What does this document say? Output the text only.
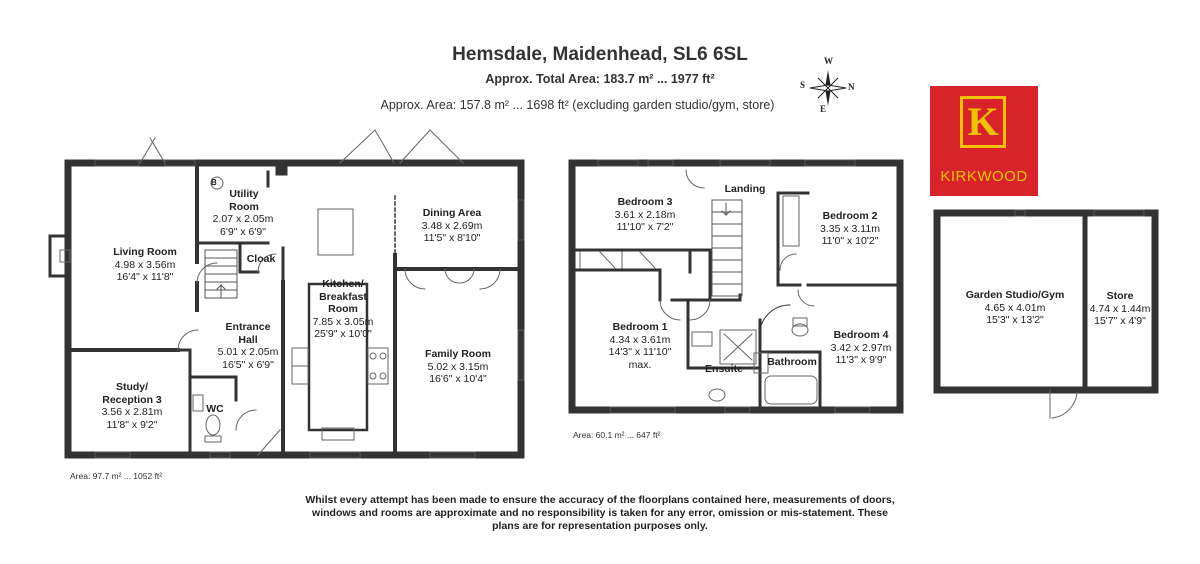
Hemsdale, Maidenhead, SL6 6SL
Approx. Total Area: 183.7 m² ... 1977 ft²
Approx. Area: 157.8 m² ... 1698 ft² (excluding garden studio/gym, store)
W
N
S
E	K
KIRKWOOD
B
Living Room
4.98 x 3.56m
16'4" x 11'8"
Utility Room
2.07 x 2.05m
6'9" x 6'9"
Cloak
Kitchen/ Breakfast Room
7.85 x 3.05m
25'9" x 10'0"
Dining Area
3.48 x 2.69m
11'5" x 8'10"
Entrance Hall
5.01 x 2.05m
16'5" x 6'9"
Family Room
5.02 x 3.15m
16'6" x 10'4"
Study/ Reception 3
3.56 x 2.81m
11'8" x 9'2"
WC
Area: 97.7 m² ... 1052 ft²
Bedroom 3
3.61 x 2.18m
11'10" x 7'2"
Landing
Bedroom 2
3.35 x 3.11m
11'0" x 10'2"
Bedroom 1
4.34 x 3.61m
14'3" x 11'10"
max.	Ensuite
Bathroom
Bedroom 4
3.42 x 2.97m
11'3" x 9'9"
Area: 60.1 m² ... 647 ft²
Garden Studio/Gym
4.65 x 4.01m
15'3" x 13'2"
Store
4.74 x 1.44m
15'7" x 4'9"
Whilst every attempt has been made to ensure the accuracy of the floorplans contained here, measurements of doors, windows and rooms are approximate and no responsibility is taken for any error, omission or mis-statement. These plans are for representation purposes only.
